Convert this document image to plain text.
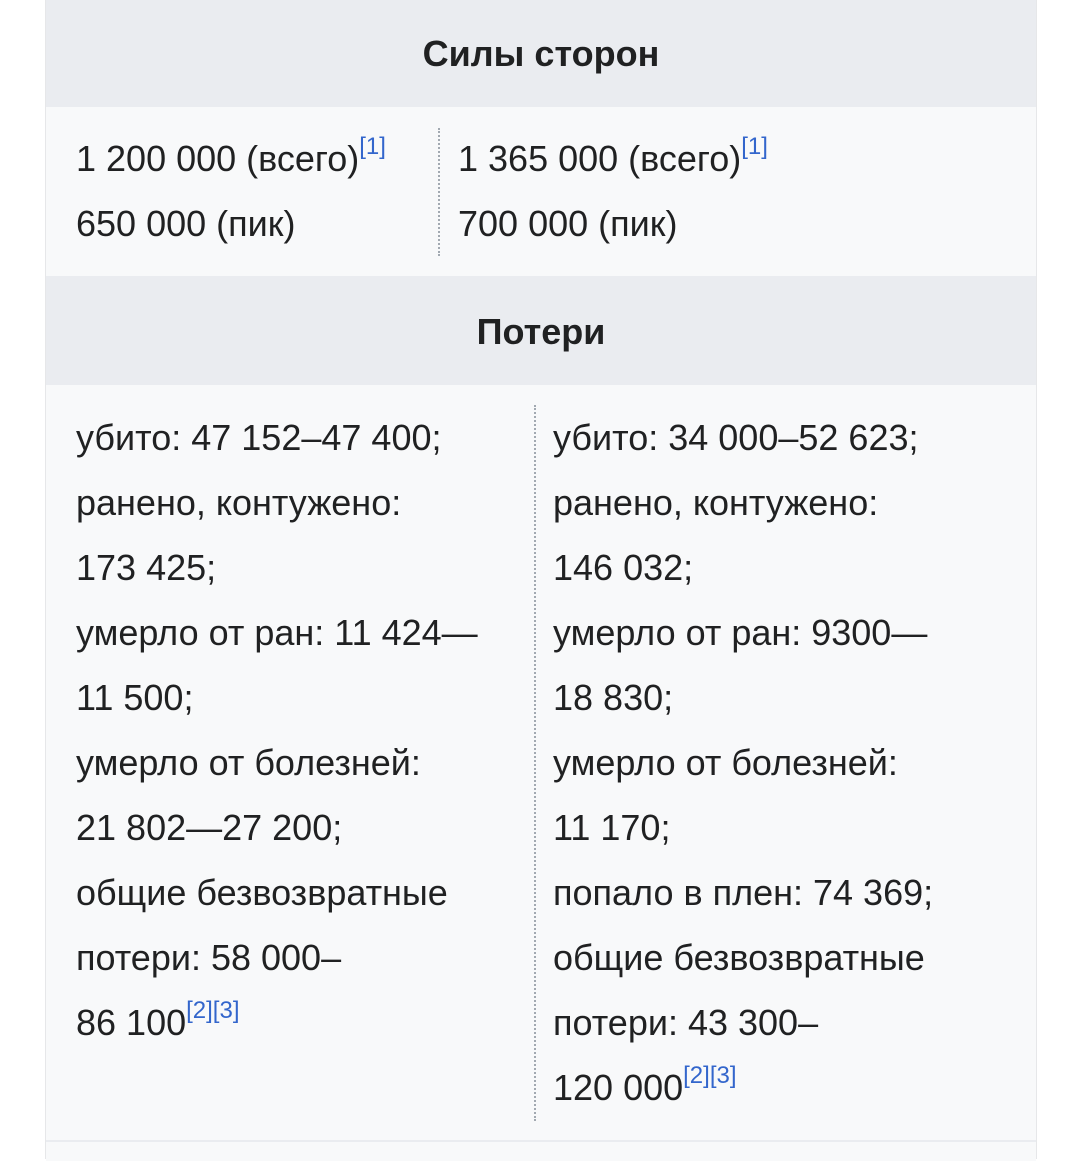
Силы сторон
1 200 000 (всего)[1]
650 000 (пик)
1 365 000 (всего)[1]
700 000 (пик)
Потери
убито: 47 152–47 400;
ранено, контужено:
173 425;
умерло от ран: 11 424—
11 500;
умерло от болезней:
21 802—27 200;
общие безвозвратные
потери: 58 000–
86 100[2][3]
убито: 34 000–52 623;
ранено, контужено:
146 032;
умерло от ран: 9300—
18 830;
умерло от болезней:
11 170;
попало в плен: 74 369;
общие безвозвратные
потери: 43 300–
120 000[2][3]
